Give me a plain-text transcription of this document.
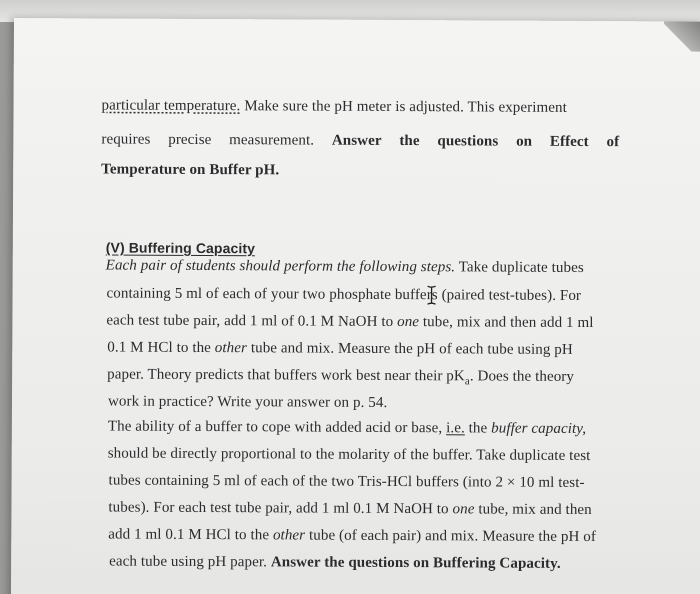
particular temperature. Make sure the pH meter is adjusted. This experiment
requires precise measurement. Answer the questions on Effect of
Temperature on Buffer pH.
(V) Buffering Capacity
Each pair of students should perform the following steps. Take duplicate tubes
containing 5 ml of each of your two phosphate buffer
s (paired test-tubes). For
each test tube pair, add 1 ml of 0.1 M NaOH to one tube, mix and then add 1 ml
0.1 M HCl to the other tube and mix. Measure the pH of each tube using pH
paper. Theory predicts that buffers work best near their $pK_a$. Does the theory
work in practice? Write your answer on p. 54.
The ability of a buffer to cope with added acid or base, i.e. the buffer capacity,
should be directly proportional to the molarity of the buffer. Take duplicate test
tubes containing 5 ml of each of the two Tris-HCl buffers (into 2 × 10 ml test-
tubes). For each test tube pair, add 1 ml 0.1 M NaOH to one tube, mix and then
add 1 ml 0.1 M HCl to the other tube (of each pair) and mix. Measure the pH of
each tube using pH paper. Answer the questions on Buffering Capacity.
